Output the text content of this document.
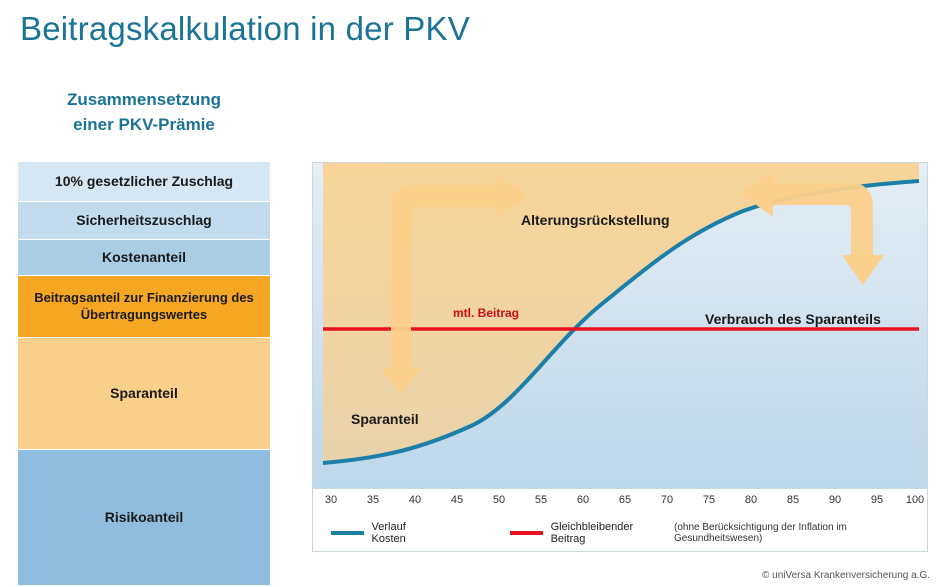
Beitragskalkulation in der PKV
Zusammensetzung
einer PKV-Prämie
10% gesetzlicher Zuschlag
Sicherheitszuschlag
Kostenanteil
Beitragsanteil zur Finanzierung des Übertragungswertes
Sparanteil
Risikoanteil
Sparanteil
Alterungsrückstellung
Verbrauch des Sparanteils
mtl. Beitrag
30	35	40	45	50	55	60	65	70	75	80	85	90	95 100
Verlauf Kosten
Gleichbleibender Beitrag
(ohne Berücksichtigung der Inflation im Gesundheitswesen)
© uniVersa Krankenversicherung a.G.
